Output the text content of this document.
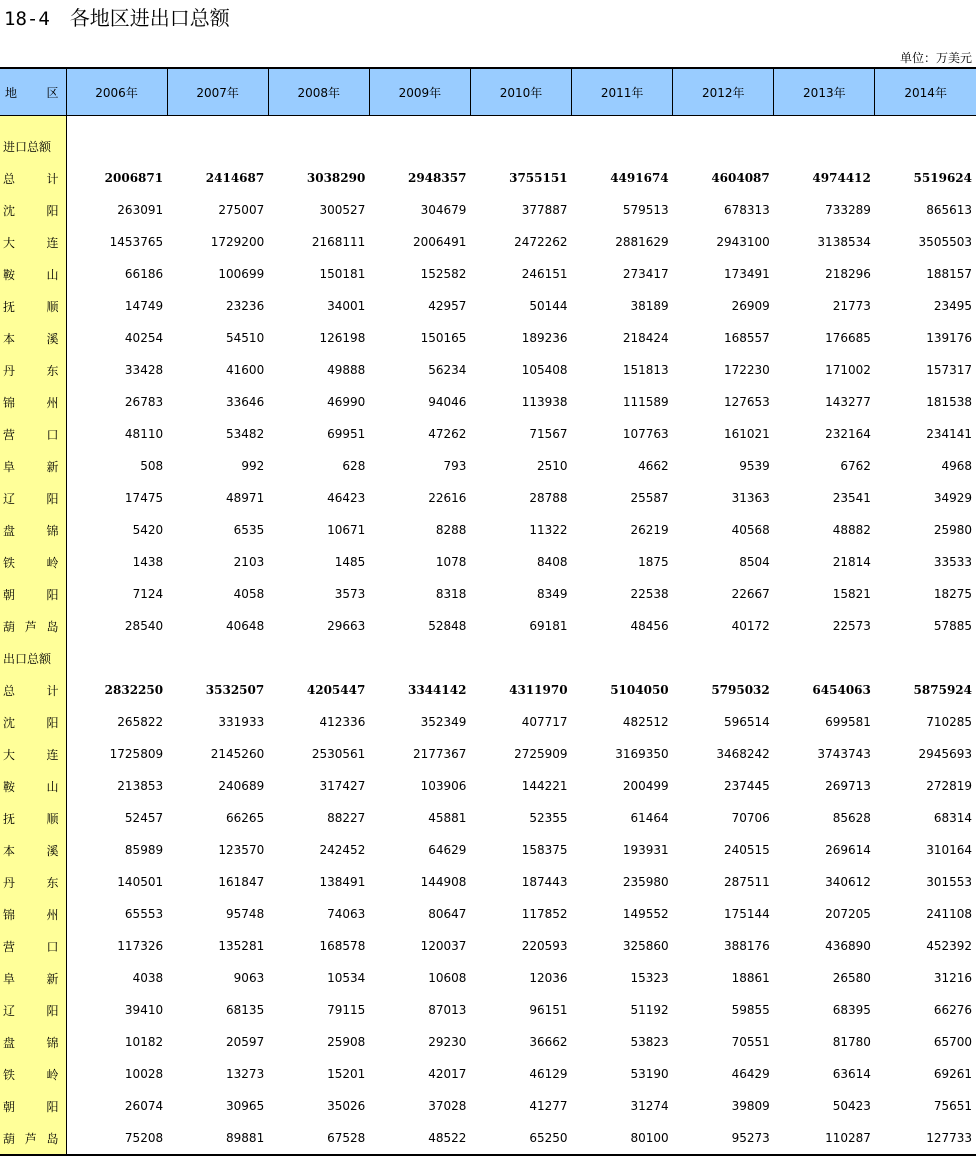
18-4 各地区进出口总额
单位：万美元
地 区	2006年	2007年	2008年	2009年	2010年	2011年	2012年	2013年	2014年

进口总额									

总 计	2006871	2414687	3038290	2948357	3755151	4491674	4604087	4974412	5519624

沈 阳	263091	275007	300527	304679	377887	579513	678313	733289	865613

大 连	1453765	1729200	2168111	2006491	2472262	2881629	2943100	3138534	3505503

鞍 山	66186	100699	150181	152582	246151	273417	173491	218296	188157

抚 顺	14749	23236	34001	42957	50144	38189	26909	21773	23495

本 溪	40254	54510	126198	150165	189236	218424	168557	176685	139176

丹 东	33428	41600	49888	56234	105408	151813	172230	171002	157317

锦 州	26783	33646	46990	94046	113938	111589	127653	143277	181538

营 口	48110	53482	69951	47262	71567	107763	161021	232164	234141

阜 新	508	992	628	793	2510	4662	9539	6762	4968

辽 阳	17475	48971	46423	22616	28788	25587	31363	23541	34929

盘 锦	5420	6535	10671	8288	11322	26219	40568	48882	25980

铁 岭	1438	2103	1485	1078	8408	1875	8504	21814	33533

朝 阳	7124	4058	3573	8318	8349	22538	22667	15821	18275

葫 芦 岛	28540	40648	29663	52848	69181	48456	40172	22573	57885
出口总额									

总 计	2832250	3532507	4205447	3344142	4311970	5104050	5795032	6454063	5875924

沈 阳	265822	331933	412336	352349	407717	482512	596514	699581	710285

大 连	1725809	2145260	2530561	2177367	2725909	3169350	3468242	3743743	2945693

鞍 山	213853	240689	317427	103906	144221	200499	237445	269713	272819

抚 顺	52457	66265	88227	45881	52355	61464	70706	85628	68314

本 溪	85989	123570	242452	64629	158375	193931	240515	269614	310164

丹 东	140501	161847	138491	144908	187443	235980	287511	340612	301553

锦 州	65553	95748	74063	80647	117852	149552	175144	207205	241108

营 口	117326	135281	168578	120037	220593	325860	388176	436890	452392

阜 新	4038	9063	10534	10608	12036	15323	18861	26580	31216

辽 阳	39410	68135	79115	87013	96151	51192	59855	68395	66276

盘 锦	10182	20597	25908	29230	36662	53823	70551	81780	65700

铁 岭	10028	13273	15201	42017	46129	53190	46429	63614	69261

朝 阳	26074	30965	35026	37028	41277	31274	39809	50423	75651

葫 芦 岛	75208	89881	67528	48522	65250	80100	95273	110287	127733
